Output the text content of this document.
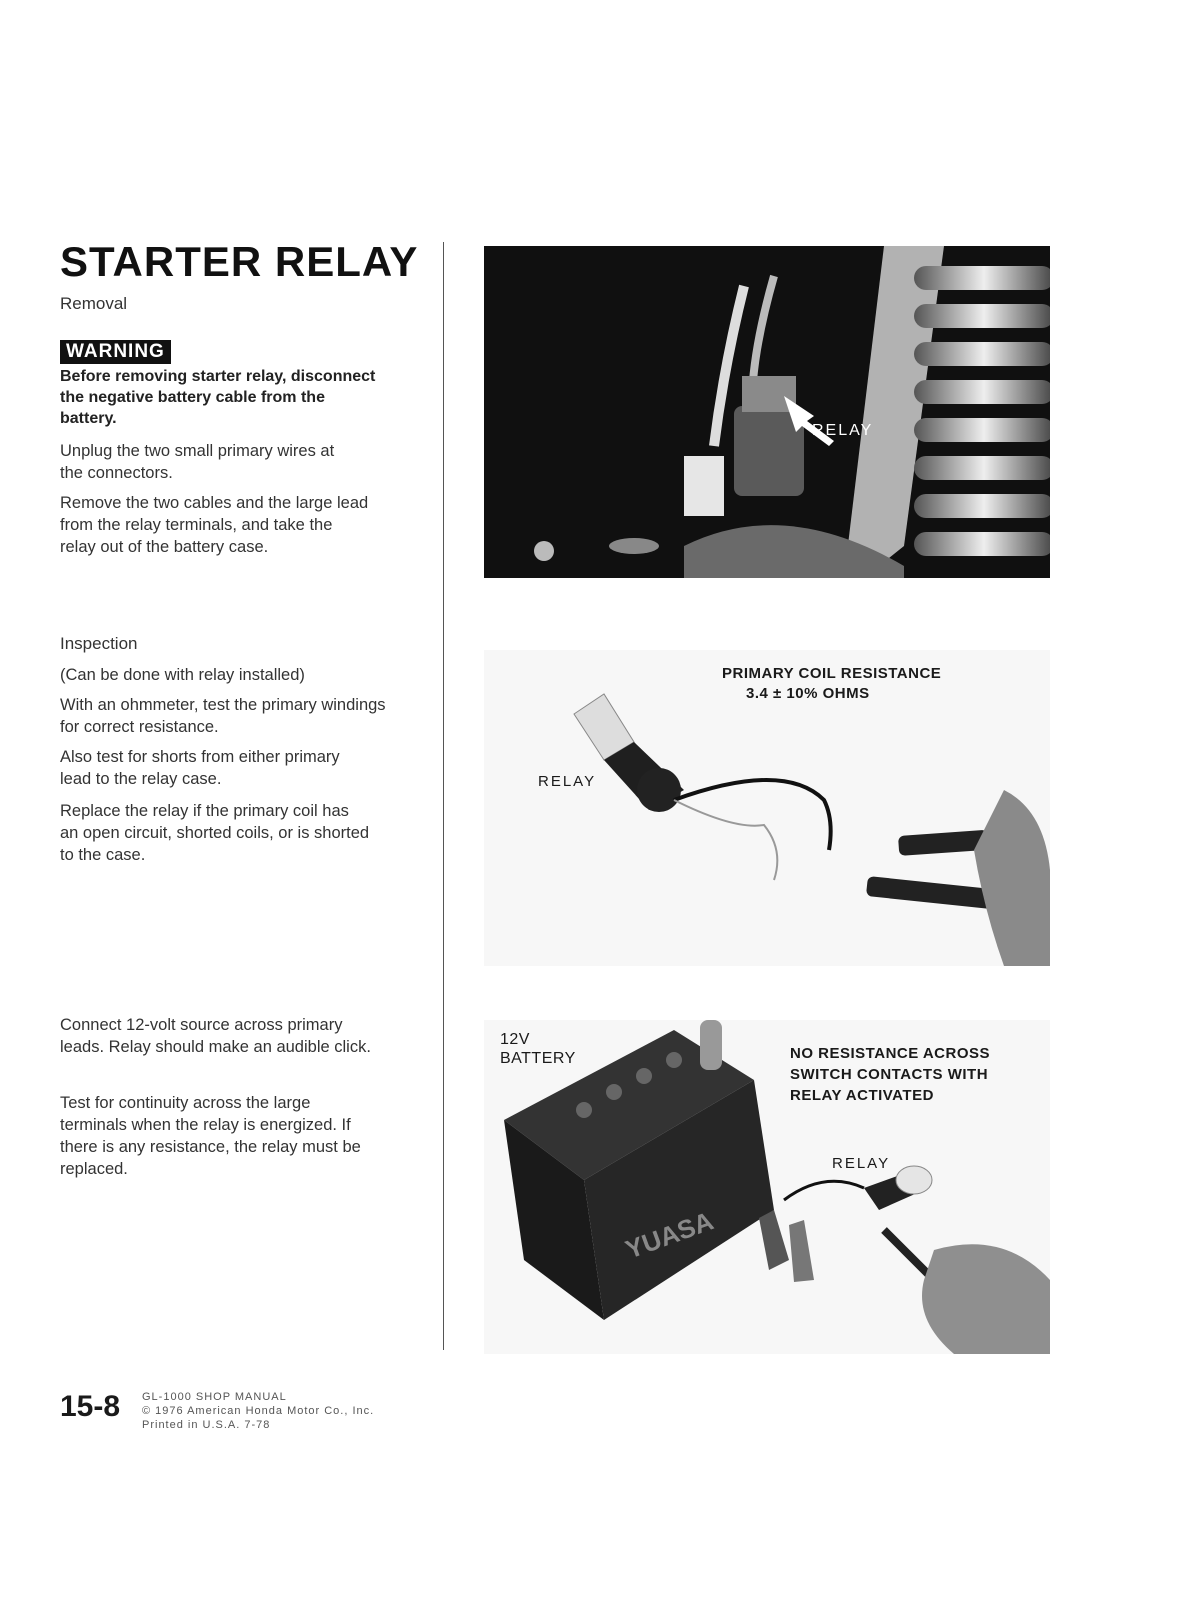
STARTER RELAY
Removal
WARNING
Before removing starter relay, disconnect the negative battery cable from the battery.
Unplug the two small primary wires at the connectors.
Remove the two cables and the large lead from the relay terminals, and take the relay out of the battery case.
Inspection
(Can be done with relay installed)
With an ohmmeter, test the primary windings for correct resistance.
Also test for shorts from either primary lead to the relay case.
Replace the relay if the primary coil has an open circuit, shorted coils, or is shorted to the case.
Connect 12-volt source across primary leads. Relay should make an audible click.
Test for continuity across the large terminals when the relay is energized. If there is any resistance, the relay must be replaced.
RELAY
PRIMARY COIL RESISTANCE
3.4 ± 10% OHMS
RELAY
YUASA
12V
BATTERY	NO RESISTANCE ACROSS
SWITCH CONTACTS WITH
RELAY ACTIVATED
RELAY
15-8 GL-1000 SHOP MANUAL
© 1976 American Honda Motor Co., Inc.
Printed in U.S.A. 7-78
